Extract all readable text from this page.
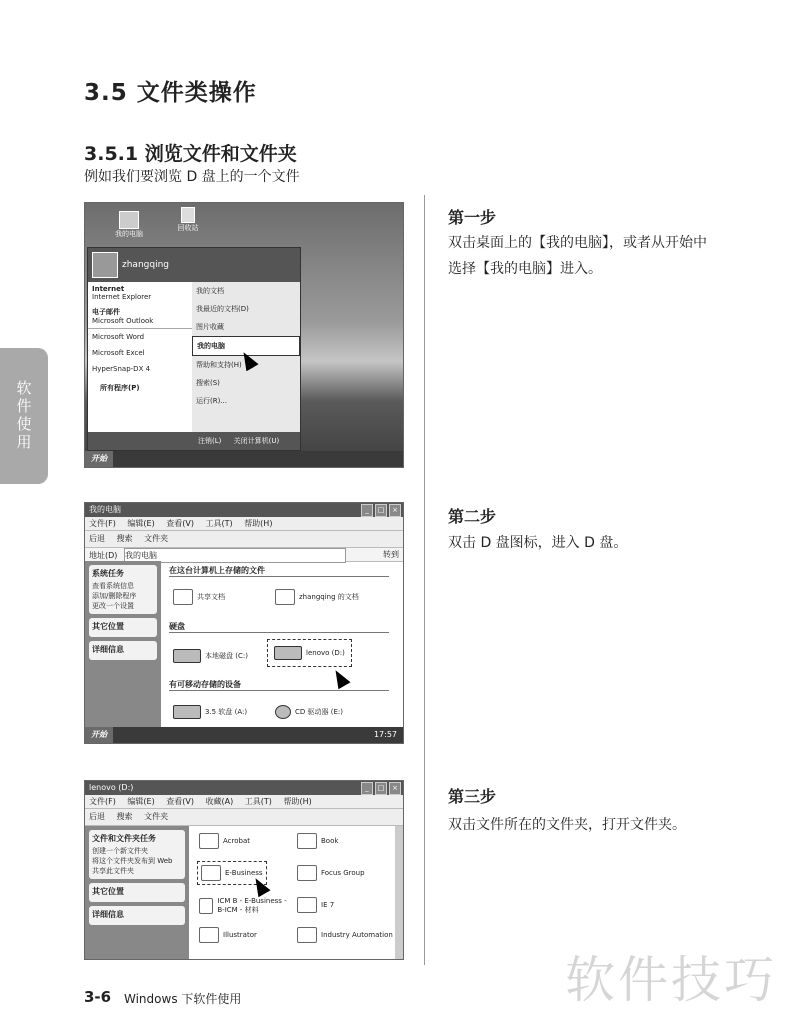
3.5 文件类操作
3.5.1 浏览文件和文件夹
例如我们要浏览 D 盘上的一个文件
软件使用
我的电脑
回收站
zhangqing
Internet
Internet Explorer
电子邮件
Microsoft Outlook
Microsoft Word
Microsoft Excel
HyperSnap-DX 4
所有程序(P)
我的文档
我最近的文档(D)
图片收藏
我的电脑
帮助和支持(H)
搜索(S)
运行(R)...
注销(L) 关闭计算机(U)
开始
我的电脑	_	□	×
文件(F) 编辑(E) 查看(V) 工具(T) 帮助(H)
后退 搜索 文件夹
地址(D) 我的电脑	转到
系统任务
查看系统信息
添加/删除程序
更改一个设置
其它位置
详细信息
在这台计算机上存储的文件
共享文档	zhangqing 的文档
硬盘
本地磁盘 (C:)	lenovo (D:)
有可移动存储的设备
3.5 软盘 (A:)	CD 驱动器 (E:)
开始	17:57
lenovo (D:)	_	□	×
文件(F) 编辑(E) 查看(V) 收藏(A) 工具(T) 帮助(H)
后退 搜索 文件夹
文件和文件夹任务
创建一个新文件夹
将这个文件夹发布到 Web
共享此文件夹
其它位置
详细信息
Acrobat	Book
E-Business	Focus Group
ICM B - E-Business - B-ICM - 材料
IE 7
Illustrator	Industry Automation
第一步
双击桌面上的【我的电脑】，或者从开始中选择【我的电脑】进入。
第二步
双击 D 盘图标，进入 D 盘。
第三步
双击文件所在的文件夹，打开文件夹。
3-6 Windows 下软件使用	软件技巧
